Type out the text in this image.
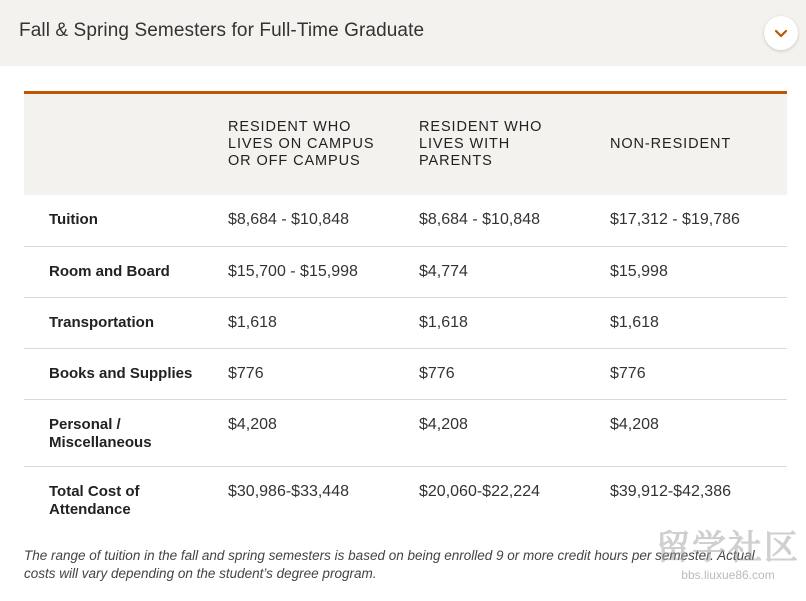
Fall & Spring Semesters for Full-Time Graduate
	RESIDENT WHO LIVES ON CAMPUS OR OFF CAMPUS	RESIDENT WHO LIVES WITH PARENTS	NON-RESIDENT
Tuition	$8,684 - $10,848	$8,684 - $10,848	$17,312 - $19,786
Room and Board	$15,700 - $15,998	$4,774	$15,998
Transportation	$1,618	$1,618	$1,618
Books and Supplies	$776	$776	$776
Personal / Miscellaneous	$4,208	$4,208	$4,208
Total Cost of Attendance	$30,986-$33,448	$20,060-$22,224	$39,912-$42,386
The range of tuition in the fall and spring semesters is based on being enrolled 9 or more credit hours per semester. Actual costs will vary depending on the student’s degree program.
留学社区
bbs.liuxue86.com
